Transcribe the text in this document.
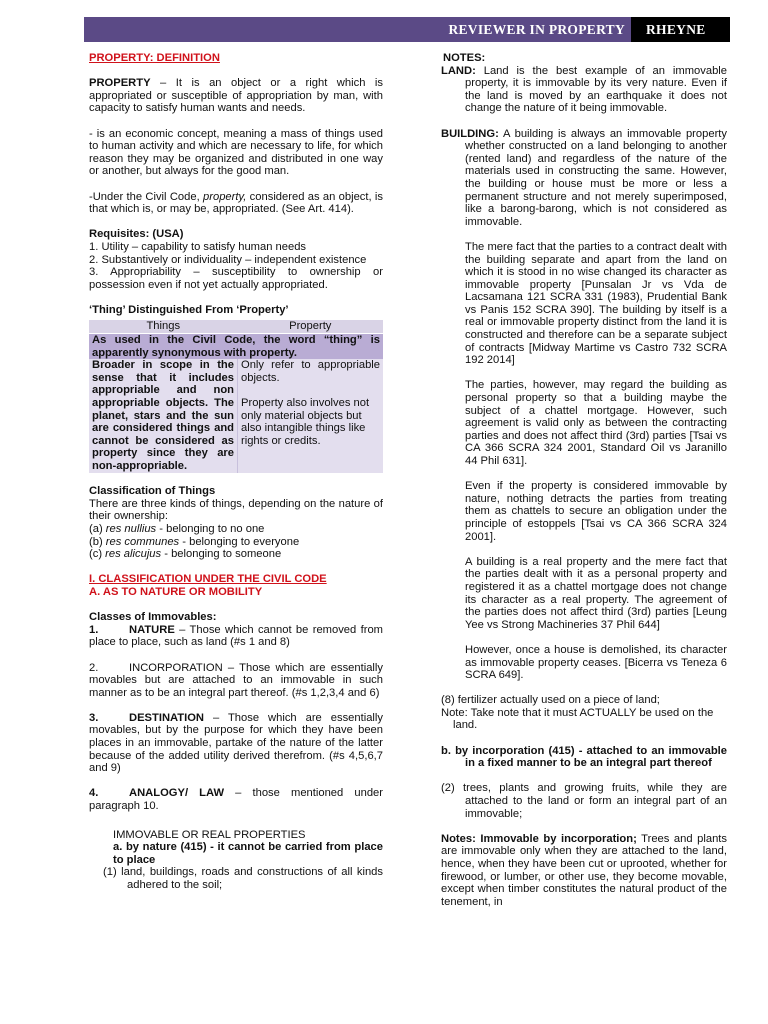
REVIEWER IN PROPERTY RHEYNE

PROPERTY: DEFINITION

PROPERTY – It is an object or a right which is appropriated or susceptible of appropriation by man, with capacity to satisfy human wants and needs.

- is an economic concept, meaning a mass of things used to human activity and which are necessary to life, for which reason they may be organized and distributed in one way or another, but always for the good man.

-Under the Civil Code, property, considered as an object, is that which is, or may be, appropriated. (See Art. 414).

Requisites: (USA)

1. Utility – capability to satisfy human needs

2. Substantively or individuality – independent existence

3. Appropriability – susceptibility to ownership or possession even if not yet actually appropriated.

‘Thing’ Distinguished From ‘Property’

Things	Property
As used in the Civil Code, the word “thing” is apparently synonymous with property.	
Broader in scope in the sense that it includes appropriable and non appropriable objects. The planet, stars and the sun are considered things and cannot be considered as property since they are non-appropriable.	Only refer to appropriable objects.

Property also involves not only material objects but also intangible things like rights or credits.

Classification of Things

There are three kinds of things, depending on the nature of their ownership:

(a) res nullius - belonging to no one

(b) res communes - belonging to everyone

(c) res alicujus - belonging to someone

I. CLASSIFICATION UNDER THE CIVIL CODE

A. AS TO NATURE OR MOBILITY

Classes of Immovables:

1.	NATURE – Those which cannot be removed from place to place, such as land (#s 1 and 8)

2.	INCORPORATION – Those which are essentially movables but are attached to an immovable in such manner as to be an integral part thereof. (#s 1,2,3,4 and 6)

3.	DESTINATION – Those which are essentially movables, but by the purpose for which they have been places in an immovable, partake of the nature of the latter because of the added utility derived therefrom. (#s 4,5,6,7 and 9)

4.	ANALOGY/ LAW – those mentioned under paragraph 10.

IMMOVABLE OR REAL PROPERTIES

a. by nature (415) - it cannot be carried from place to place

(1) land, buildings, roads and constructions of all kinds adhered to the soil;

NOTES:

LAND: Land is the best example of an immovable property, it is immovable by its very nature. Even if the land is moved by an earthquake it does not change the nature of it being immovable.

BUILDING: A building is always an immovable property whether constructed on a land belonging to another (rented land) and regardless of the nature of the materials used in constructing the same. However, the building or house must be more or less a permanent structure and not merely superimposed, like a barong-barong, which is not considered as immovable.

The mere fact that the parties to a contract dealt with the building separate and apart from the land on which it is stood in no wise changed its character as immovable property [Punsalan Jr vs Vda de Lacsamana 121 SCRA 331 (1983), Prudential Bank vs Panis 152 SCRA 390]. The building by itself is a real or immovable property distinct from the land it is constructed and therefore can be a separate subject of contracts [Midway Martime vs Castro 732 SCRA 192 2014]

The parties, however, may regard the building as personal property so that a building maybe the subject of a chattel mortgage. However, such agreement is valid only as between the contracting parties and does not affect third (3rd) parties [Tsai vs CA 366 SCRA 324 2001, Standard Oil vs Jaranillo 44 Phil 631].

Even if the property is considered immovable by nature, nothing detracts the parties from treating them as chattels to secure an obligation under the principle of estoppels [Tsai vs CA 366 SCRA 324 2001].

A building is a real property and the mere fact that the parties dealt with it as a personal property and registered it as a chattel mortgage does not change its character as a real property. The agreement of the parties does not affect third (3rd) parties [Leung Yee vs Strong Machineries 37 Phil 644]

However, once a house is demolished, its character as immovable property ceases. [Bicerra vs Teneza 6 SCRA 649].

(8) fertilizer actually used on a piece of land;

Note: Take note that it must ACTUALLY be used on the land.

b. by incorporation (415) - attached to an immovable in a fixed manner to be an integral part thereof

(2) trees, plants and growing fruits, while they are attached to the land or form an integral part of an immovable;

Notes: Immovable by incorporation; Trees and plants are immovable only when they are attached to the land, hence, when they have been cut or uprooted, whether for firewood, or lumber, or other use, they become movable, except when timber constitutes the natural product of the tenement, in
